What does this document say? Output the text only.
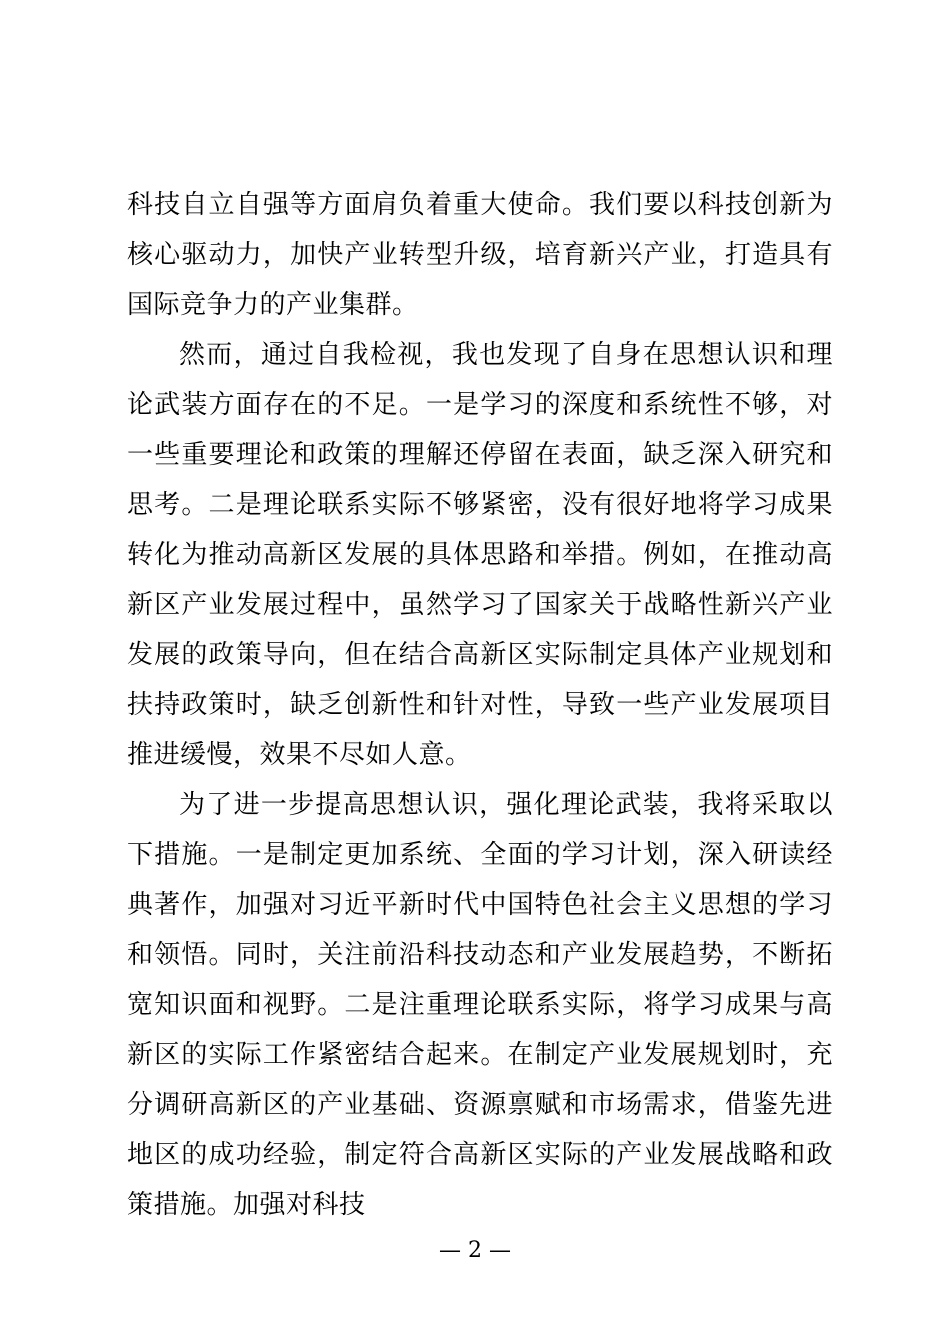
科技自立自强等方面肩负着重大使命。我们要以科技创新为核心驱动力，加快产业转型升级，培育新兴产业，打造具有国际竞争力的产业集群。

然而，通过自我检视，我也发现了自身在思想认识和理论武装方面存在的不足。一是学习的深度和系统性不够，对一些重要理论和政策的理解还停留在表面，缺乏深入研究和思考。二是理论联系实际不够紧密，没有很好地将学习成果转化为推动高新区发展的具体思路和举措。例如，在推动高新区产业发展过程中，虽然学习了国家关于战略性新兴产业发展的政策导向，但在结合高新区实际制定具体产业规划和扶持政策时，缺乏创新性和针对性，导致一些产业发展项目推进缓慢，效果不尽如人意。

为了进一步提高思想认识，强化理论武装，我将采取以下措施。一是制定更加系统、全面的学习计划，深入研读经典著作，加强对习近平新时代中国特色社会主义思想的学习和领悟。同时，关注前沿科技动态和产业发展趋势，不断拓宽知识面和视野。二是注重理论联系实际，将学习成果与高新区的实际工作紧密结合起来。在制定产业发展规划时，充分调研高新区的产业基础、资源禀赋和市场需求，借鉴先进地区的成功经验，制定符合高新区实际的产业发展战略和政策措施。加强对科技

— 2 —
